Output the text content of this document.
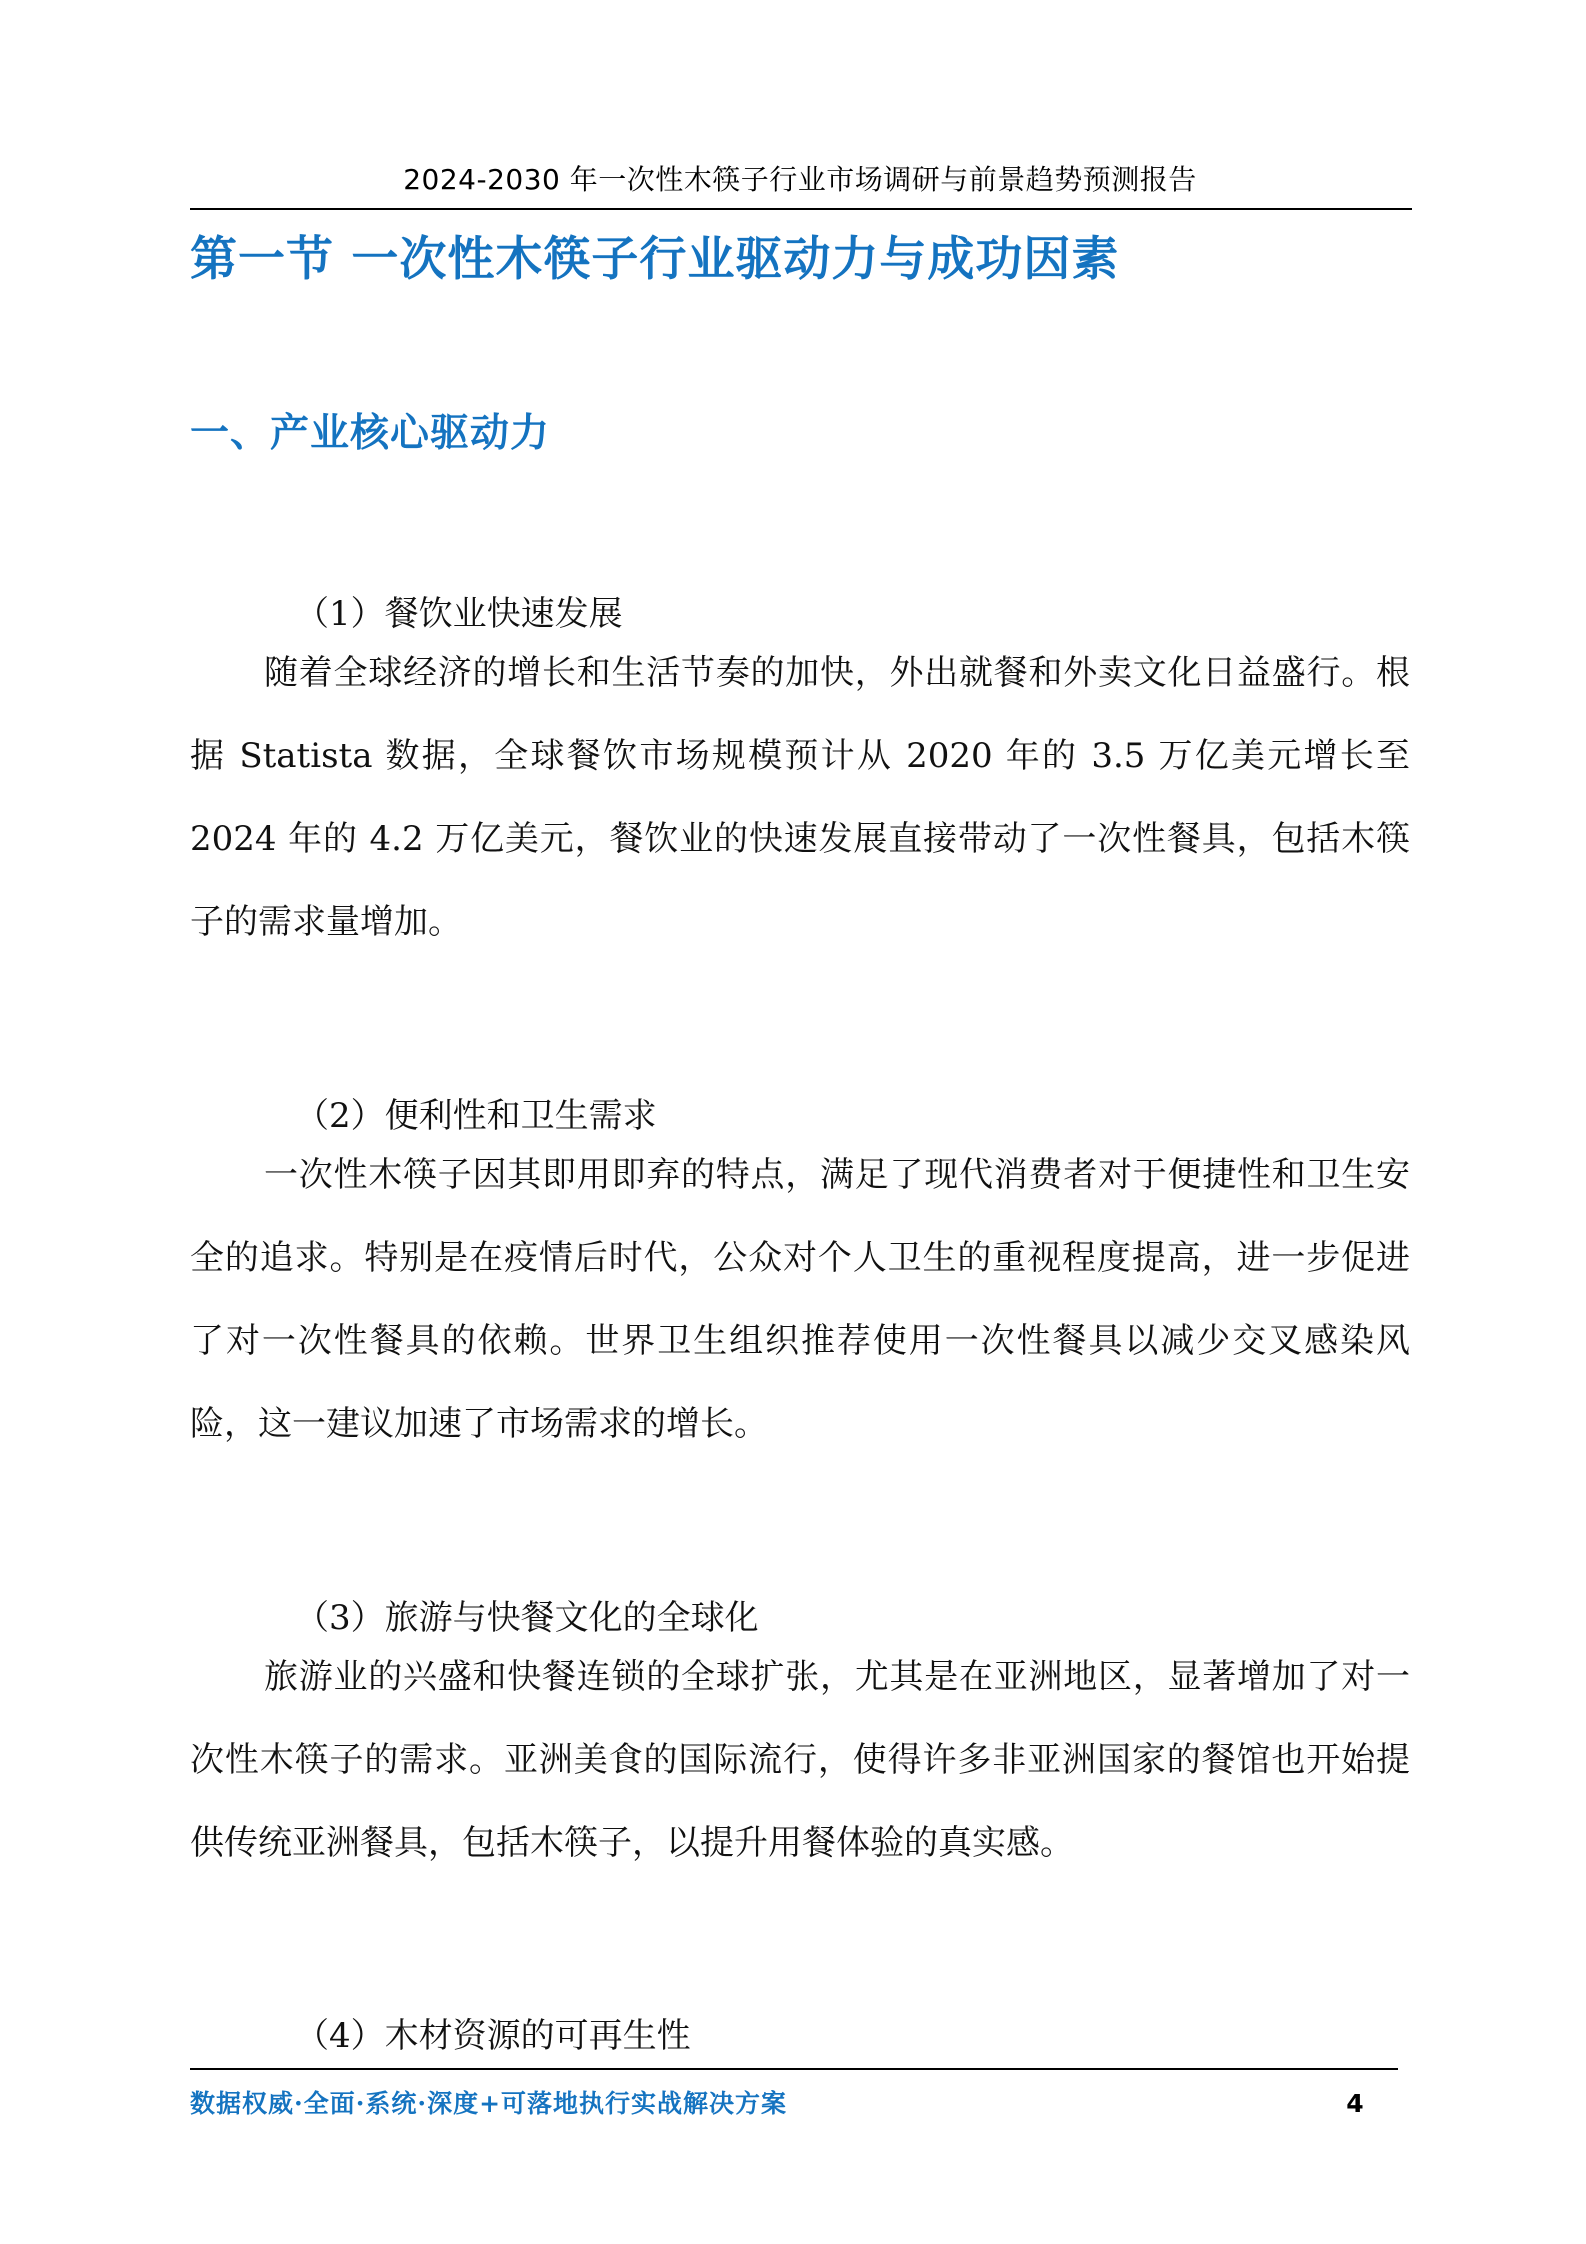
2024-2030 年一次性木筷子行业市场调研与前景趋势预测报告
第一节 一次性木筷子行业驱动力与成功因素
一、产业核心驱动力
（1）餐饮业快速发展

随着全球经济的增长和生活节奏的加快，外出就餐和外卖文化日益盛行。根据 Statista 数据，全球餐饮市场规模预计从 2020 年的 3.5 万亿美元增长至 2024 年的 4.2 万亿美元，餐饮业的快速发展直接带动了一次性餐具，包括木筷子的需求量增加。

（2）便利性和卫生需求

一次性木筷子因其即用即弃的特点，满足了现代消费者对于便捷性和卫生安全的追求。特别是在疫情后时代，公众对个人卫生的重视程度提高，进一步促进了对一次性餐具的依赖。世界卫生组织推荐使用一次性餐具以减少交叉感染风险，这一建议加速了市场需求的增长。

（3）旅游与快餐文化的全球化

旅游业的兴盛和快餐连锁的全球扩张，尤其是在亚洲地区，显著增加了对一次性木筷子的需求。亚洲美食的国际流行，使得许多非亚洲国家的餐馆也开始提供传统亚洲餐具，包括木筷子，以提升用餐体验的真实感。

（4）木材资源的可再生性
数据权威·全面·系统·深度+可落地执行实战解决方案	4
